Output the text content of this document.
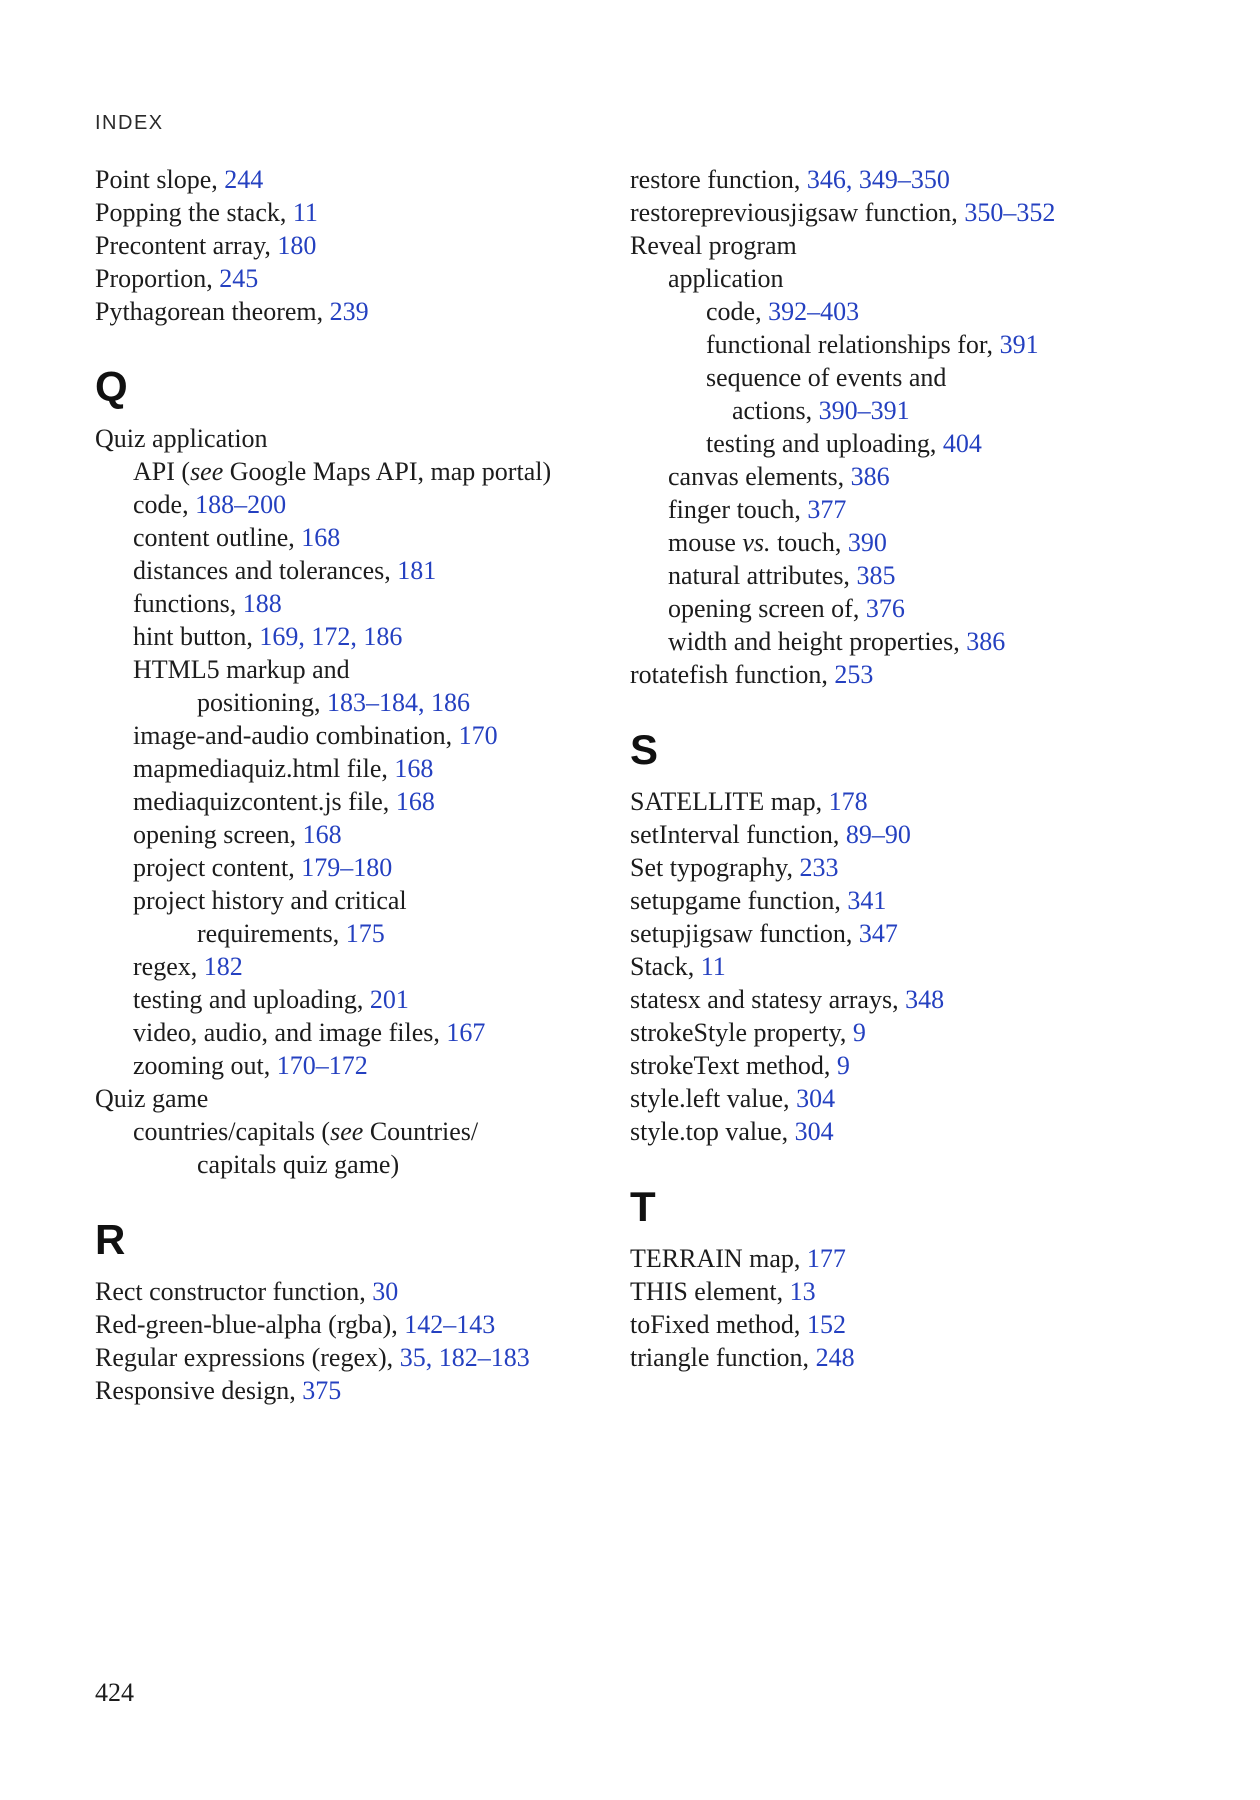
INDEX
Point slope, 244
Popping the stack, 11
Precontent array, 180
Proportion, 245
Pythagorean theorem, 239
Q
Quiz application
API (see Google Maps API, map portal)
code, 188–200
content outline, 168
distances and tolerances, 181
functions, 188
hint button, 169, 172, 186
HTML5 markup and
positioning, 183–184, 186
image-and-audio combination, 170
mapmediaquiz.html file, 168
mediaquizcontent.js file, 168
opening screen, 168
project content, 179–180
project history and critical
requirements, 175
regex, 182
testing and uploading, 201
video, audio, and image files, 167
zooming out, 170–172
Quiz game
countries/capitals (see Countries/
capitals quiz game)
R
Rect constructor function, 30
Red-green-blue-alpha (rgba), 142–143
Regular expressions (regex), 35, 182–183
Responsive design, 375
restore function, 346, 349–350
restorepreviousjigsaw function, 350–352
Reveal program
application
code, 392–403
functional relationships for, 391
sequence of events and
actions, 390–391
testing and uploading, 404
canvas elements, 386
finger touch, 377
mouse vs. touch, 390
natural attributes, 385
opening screen of, 376
width and height properties, 386
rotatefish function, 253
S
SATELLITE map, 178
setInterval function, 89–90
Set typography, 233
setupgame function, 341
setupjigsaw function, 347
Stack, 11
statesx and statesy arrays, 348
strokeStyle property, 9
strokeText method, 9
style.left value, 304
style.top value, 304
T
TERRAIN map, 177
THIS element, 13
toFixed method, 152
triangle function, 248
424
